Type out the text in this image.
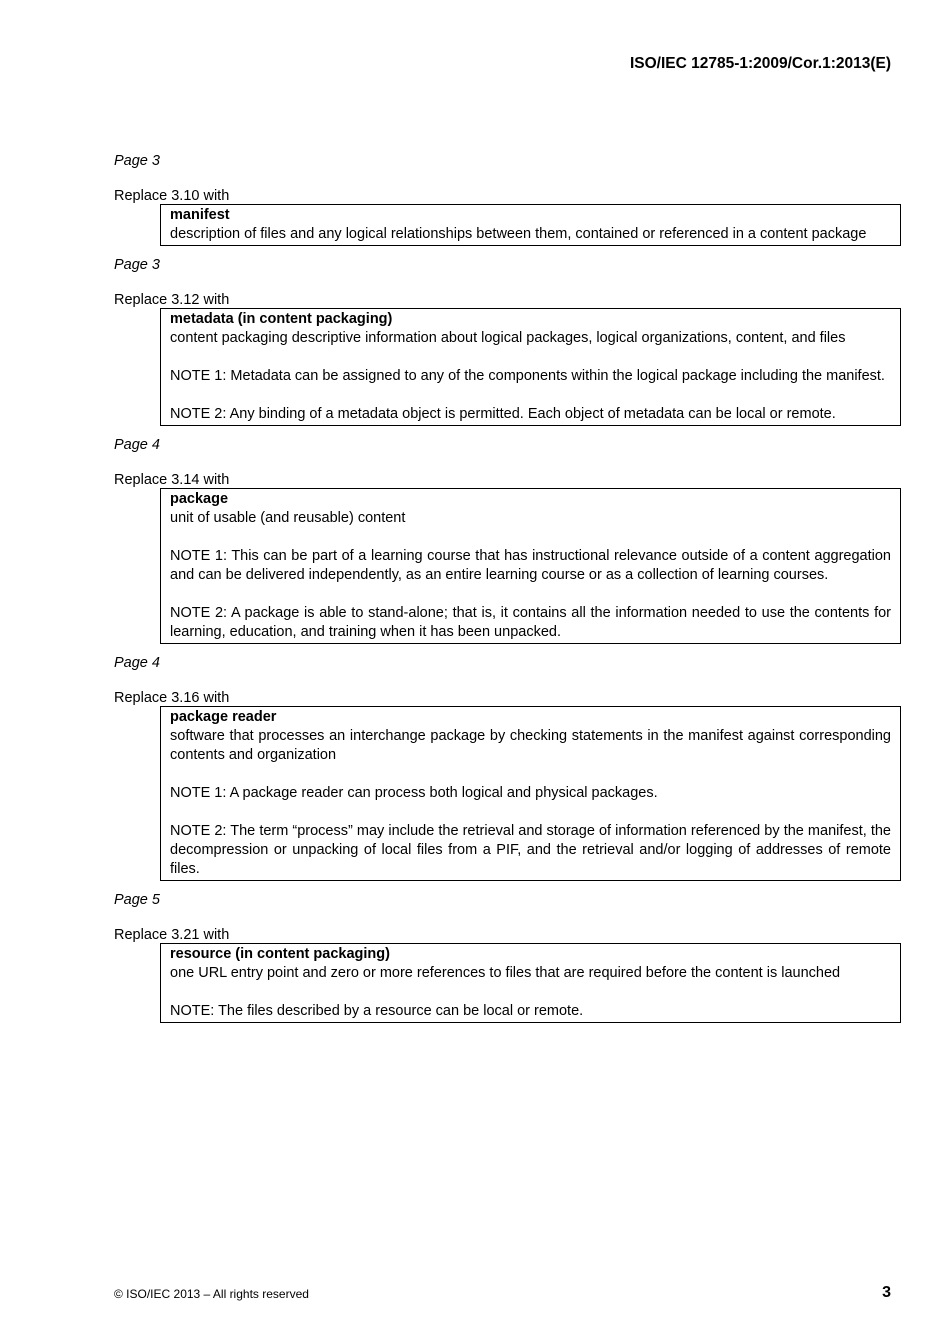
ISO/IEC 12785-1:2009/Cor.1:2013(E)

Page 3

Replace 3.10 with

manifest

description of files and any logical relationships between them, contained or referenced in a content package

Page 3

Replace 3.12 with

metadata (in content packaging)

content packaging descriptive information about logical packages, logical organizations, content, and files

NOTE 1: Metadata can be assigned to any of the components within the logical package including the manifest.

NOTE 2: Any binding of a metadata object is permitted. Each object of metadata can be local or remote.

Page 4

Replace 3.14 with

package

unit of usable (and reusable) content

NOTE 1: This can be part of a learning course that has instructional relevance outside of a content aggregation and can be delivered independently, as an entire learning course or as a collection of learning courses.

NOTE 2: A package is able to stand-alone; that is, it contains all the information needed to use the contents for learning, education, and training when it has been unpacked.

Page 4

Replace 3.16 with

package reader

software that processes an interchange package by checking statements in the manifest against corresponding contents and organization

NOTE 1: A package reader can process both logical and physical packages.

NOTE 2: The term “process” may include the retrieval and storage of information referenced by the manifest, the decompression or unpacking of local files from a PIF, and the retrieval and/or logging of addresses of remote files.

Page 5

Replace 3.21 with

resource (in content packaging)

one URL entry point and zero or more references to files that are required before the content is launched

NOTE: The files described by a resource can be local or remote.

© ISO/IEC 2013 – All rights reserved	3
